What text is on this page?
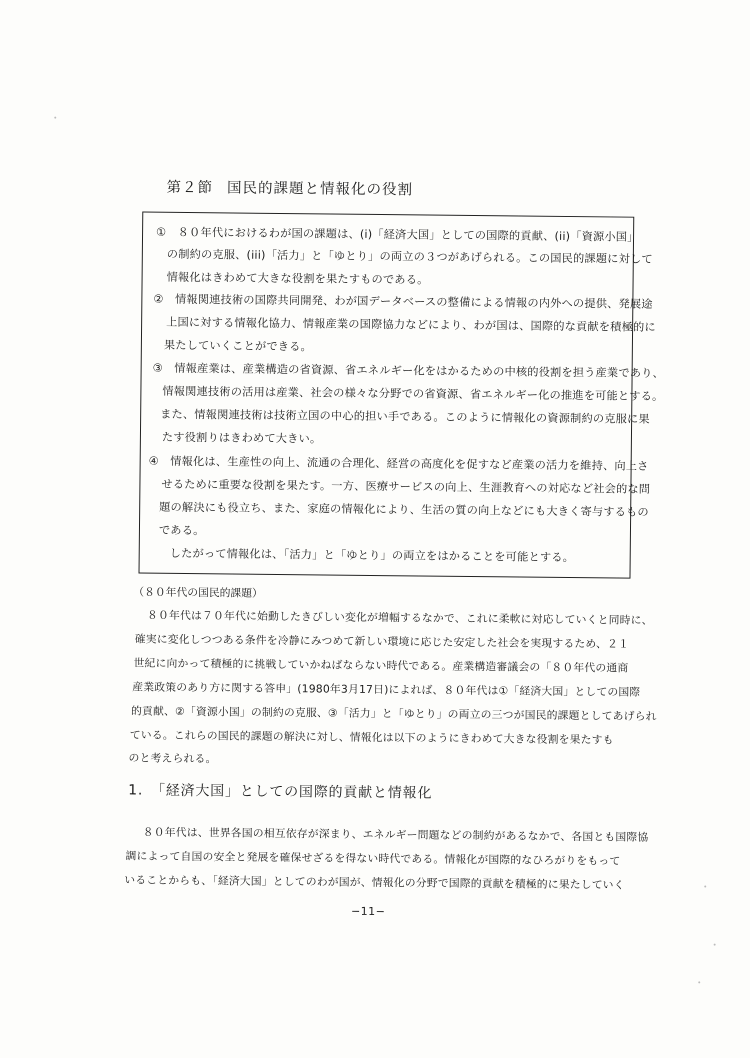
第２節 国民的課題と情報化の役割
①　８０年代におけるわが国の課題は、(i)「経済大国」としての国際的貢献、(ii)「資源小国」
の制約の克服、(iii)「活力」と「ゆとり」の両立の３つがあげられる。この国民的課題に対して
情報化はきわめて大きな役割を果たすものである。
②　情報関連技術の国際共同開発、わが国データベースの整備による情報の内外への提供、発展途
上国に対する情報化協力、情報産業の国際協力などにより、わが国は、国際的な貢献を積極的に
果たしていくことができる。
③　情報産業は、産業構造の省資源、省エネルギー化をはかるための中核的役割を担う産業であり、
情報関連技術の活用は産業、社会の様々な分野での省資源、省エネルギー化の推進を可能とする。
また、情報関連技術は技術立国の中心的担い手である。このように情報化の資源制約の克服に果
たす役割りはきわめて大きい。
④　情報化は、生産性の向上、流通の合理化、経営の高度化を促すなど産業の活力を維持、向上さ
せるために重要な役割を果たす。一方、医療サービスの向上、生涯教育への対応など社会的な問
題の解決にも役立ち、また、家庭の情報化により、生活の質の向上などにも大きく寄与するもの
である。
したがって情報化は、「活力」と「ゆとり」の両立をはかることを可能とする。
（８０年代の国民的課題）
８０年代は７０年代に始動したきびしい変化が増幅するなかで、これに柔軟に対応していくと同時に、
確実に変化しつつある条件を冷静にみつめて新しい環境に応じた安定した社会を実現するため、２１
世紀に向かって積極的に挑戦していかねばならない時代である。産業構造審議会の「８０年代の通商
産業政策のあり方に関する答申」(1980年3月17日)によれば、８０年代は①「経済大国」としての国際
的貢献、②「資源小国」の制約の克服、③「活力」と「ゆとり」の両立の三つが国民的課題としてあげられ
ている。これらの国民的課題の解決に対し、情報化は以下のようにきわめて大きな役割を果たすも
のと考えられる。
1.　「経済大国」としての国際的貢献と情報化
８０年代は、世界各国の相互依存が深まり、エネルギー問題などの制約があるなかで、各国とも国際協
調によって自国の安全と発展を確保せざるを得ない時代である。情報化が国際的なひろがりをもって
いることからも、「経済大国」としてのわが国が、情報化の分野で国際的貢献を積極的に果たしていく
−11−
